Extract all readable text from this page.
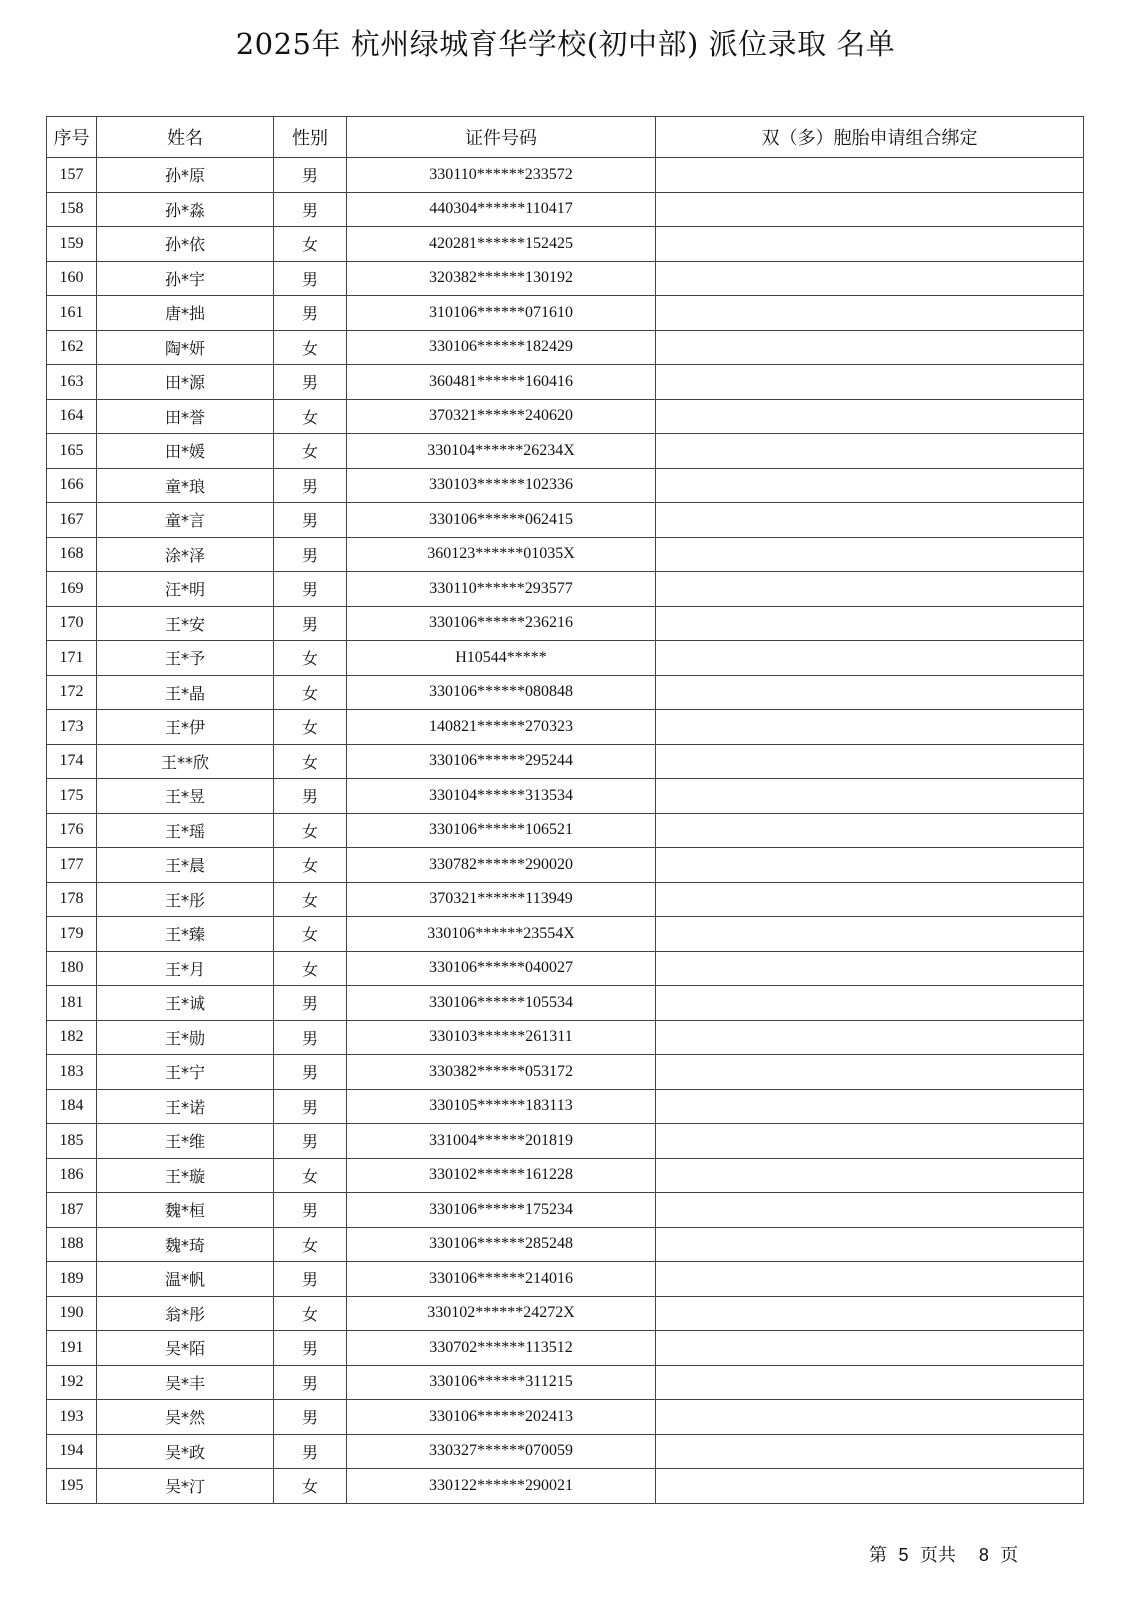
2025年 杭州绿城育华学校(初中部) 派位录取 名单
序号	姓名	性别	证件号码	双（多）胞胎申请组合绑定
157	孙*原	男	330110******233572	
158	孙*淼	男	440304******110417	
159	孙*依	女	420281******152425	
160	孙*宇	男	320382******130192	
161	唐*拙	男	310106******071610	
162	陶*妍	女	330106******182429	
163	田*源	男	360481******160416	
164	田*誉	女	370321******240620	
165	田*媛	女	330104******26234X	
166	童*琅	男	330103******102336	
167	童*言	男	330106******062415	
168	涂*泽	男	360123******01035X	
169	汪*明	男	330110******293577	
170	王*安	男	330106******236216	
171	王*予	女	H10544*****	
172	王*晶	女	330106******080848	
173	王*伊	女	140821******270323	
174	王**欣	女	330106******295244	
175	王*昱	男	330104******313534	
176	王*瑶	女	330106******106521	
177	王*晨	女	330782******290020	
178	王*彤	女	370321******113949	
179	王*臻	女	330106******23554X	
180	王*月	女	330106******040027	
181	王*诚	男	330106******105534	
182	王*勋	男	330103******261311	
183	王*宁	男	330382******053172	
184	王*诺	男	330105******183113	
185	王*维	男	331004******201819	
186	王*璇	女	330102******161228	
187	魏*桓	男	330106******175234	
188	魏*琦	女	330106******285248	
189	温*帆	男	330106******214016	
190	翁*彤	女	330102******24272X	
191	吴*陌	男	330702******113512	
192	吴*丰	男	330106******311215	
193	吴*然	男	330106******202413	
194	吴*政	男	330327******070059	
195	吴*汀	女	330122******290021	
第 5 页共 8 页
